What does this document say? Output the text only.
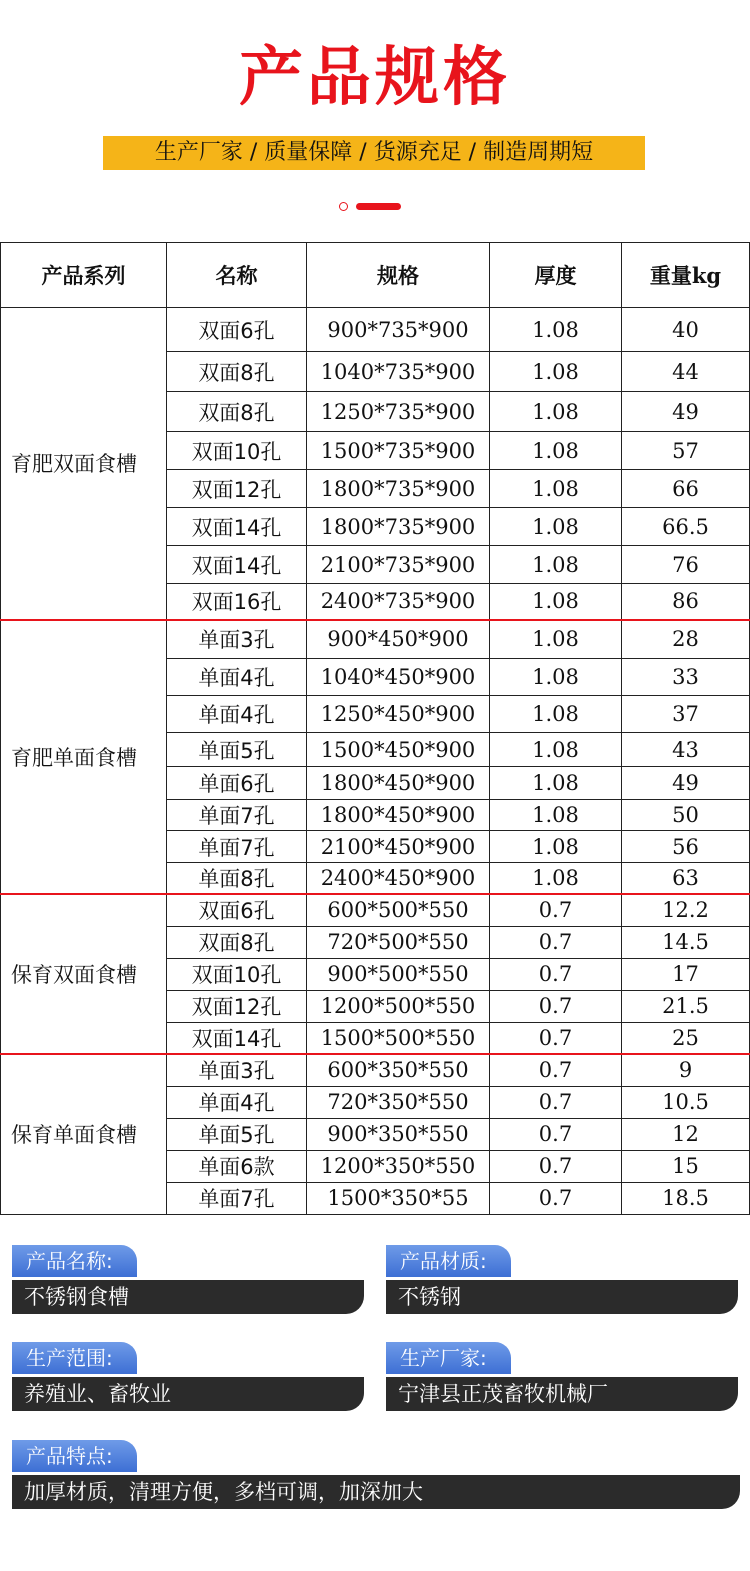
产品规格
生产厂家 / 质量保障 / 货源充足 / 制造周期短
产品系列	名称	规格	厚度	重量kg
育肥双面食槽	双面6孔	900*735*900	1.08	40
	双面8孔	1040*735*900	1.08	44
	双面8孔	1250*735*900	1.08	49
	双面10孔	1500*735*900	1.08	57
	双面12孔	1800*735*900	1.08	66
	双面14孔	1800*735*900	1.08	66.5
	双面14孔	2100*735*900	1.08	76
	双面16孔	2400*735*900	1.08	86
育肥单面食槽	单面3孔	900*450*900	1.08	28
	单面4孔	1040*450*900	1.08	33
	单面4孔	1250*450*900	1.08	37
	单面5孔	1500*450*900	1.08	43
	单面6孔	1800*450*900	1.08	49
	单面7孔	1800*450*900	1.08	50
	单面7孔	2100*450*900	1.08	56
	单面8孔	2400*450*900	1.08	63
保育双面食槽	双面6孔	600*500*550	0.7	12.2
	双面8孔	720*500*550	0.7	14.5
	双面10孔	900*500*550	0.7	17
	双面12孔	1200*500*550	0.7	21.5
	双面14孔	1500*500*550	0.7	25
保育单面食槽	单面3孔	600*350*550	0.7	9
	单面4孔	720*350*550	0.7	10.5
	单面5孔	900*350*550	0.7	12
	单面6款	1200*350*550	0.7	15
	单面7孔	1500*350*55	0.7	18.5
产品名称:
不锈钢食槽
产品材质:
不锈钢
生产范围:
养殖业、畜牧业
生产厂家:
宁津县正茂畜牧机械厂
产品特点:
加厚材质，清理方便，多档可调，加深加大
